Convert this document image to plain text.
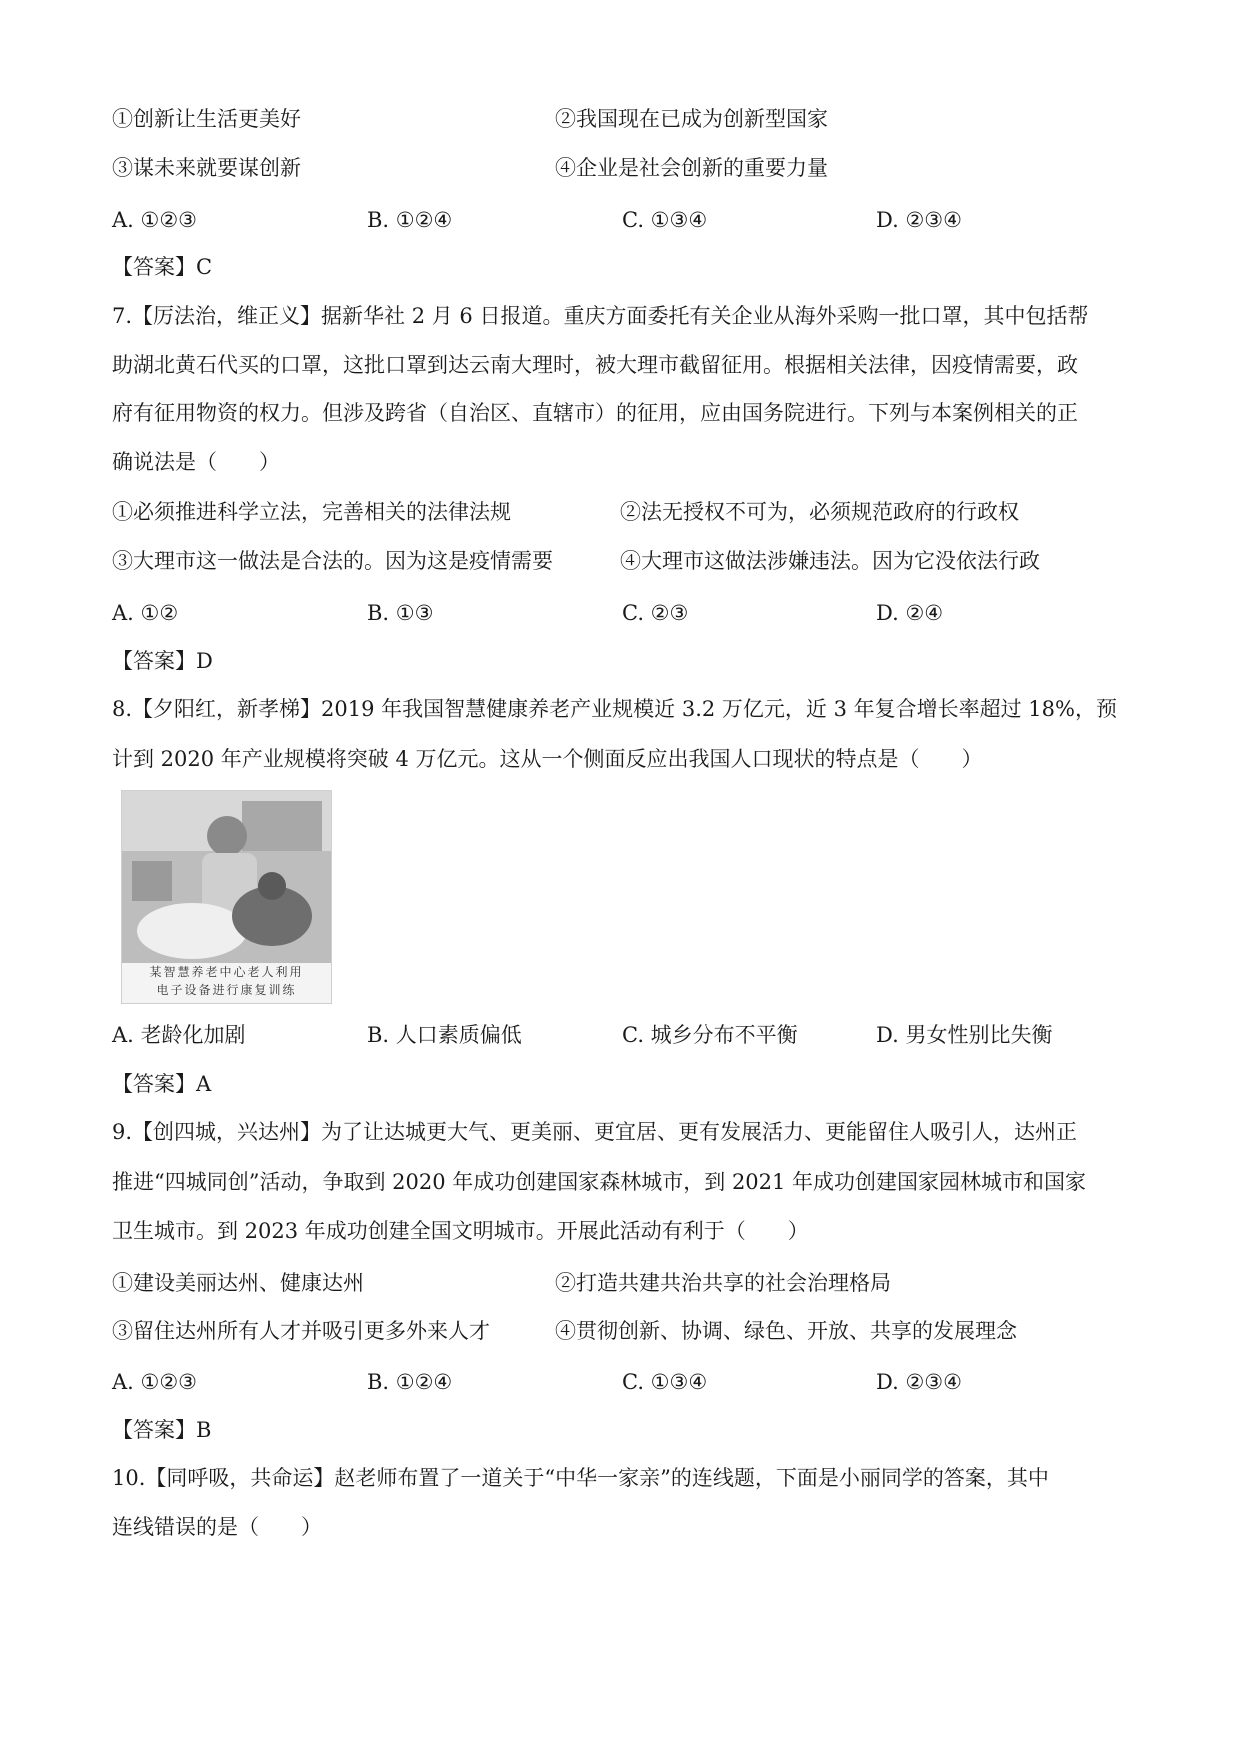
①创新让生活更美好	②我国现在已成为创新型国家
③谋未来就要谋创新	④企业是社会创新的重要力量
A. ①②③	B. ①②④	C. ①③④	D. ②③④
【答案】C
7.【厉法治，维正义】据新华社 2 月 6 日报道。重庆方面委托有关企业从海外采购一批口罩，其中包括帮
助湖北黄石代买的口罩，这批口罩到达云南大理时，被大理市截留征用。根据相关法律，因疫情需要，政
府有征用物资的权力。但涉及跨省（自治区、直辖市）的征用，应由国务院进行。下列与本案例相关的正
确说法是（　　）
①必须推进科学立法，完善相关的法律法规	②法无授权不可为，必须规范政府的行政权
③大理市这一做法是合法的。因为这是疫情需要	④大理市这做法涉嫌违法。因为它没依法行政
A. ①②	B. ①③	C. ②③	D. ②④
【答案】D
8.【夕阳红，新孝梯】2019 年我国智慧健康养老产业规模近 3.2 万亿元，近 3 年复合增长率超过 18%，预
计到 2020 年产业规模将突破 4 万亿元。这从一个侧面反应出我国人口现状的特点是（　　）
某智慧养老中心老人利用
电子设备进行康复训练
A. 老龄化加剧	B. 人口素质偏低	C. 城乡分布不平衡	D. 男女性别比失衡
【答案】A
9.【创四城，兴达州】为了让达城更大气、更美丽、更宜居、更有发展活力、更能留住人吸引人，达州正
推进“四城同创”活动，争取到 2020 年成功创建国家森林城市，到 2021 年成功创建国家园林城市和国家
卫生城市。到 2023 年成功创建全国文明城市。开展此活动有利于（　　）
①建设美丽达州、健康达州	②打造共建共治共享的社会治理格局
③留住达州所有人才并吸引更多外来人才	④贯彻创新、协调、绿色、开放、共享的发展理念
A. ①②③	B. ①②④	C. ①③④	D. ②③④
【答案】B
10.【同呼吸，共命运】赵老师布置了一道关于“中华一家亲”的连线题，下面是小丽同学的答案，其中
连线错误的是（　　）
